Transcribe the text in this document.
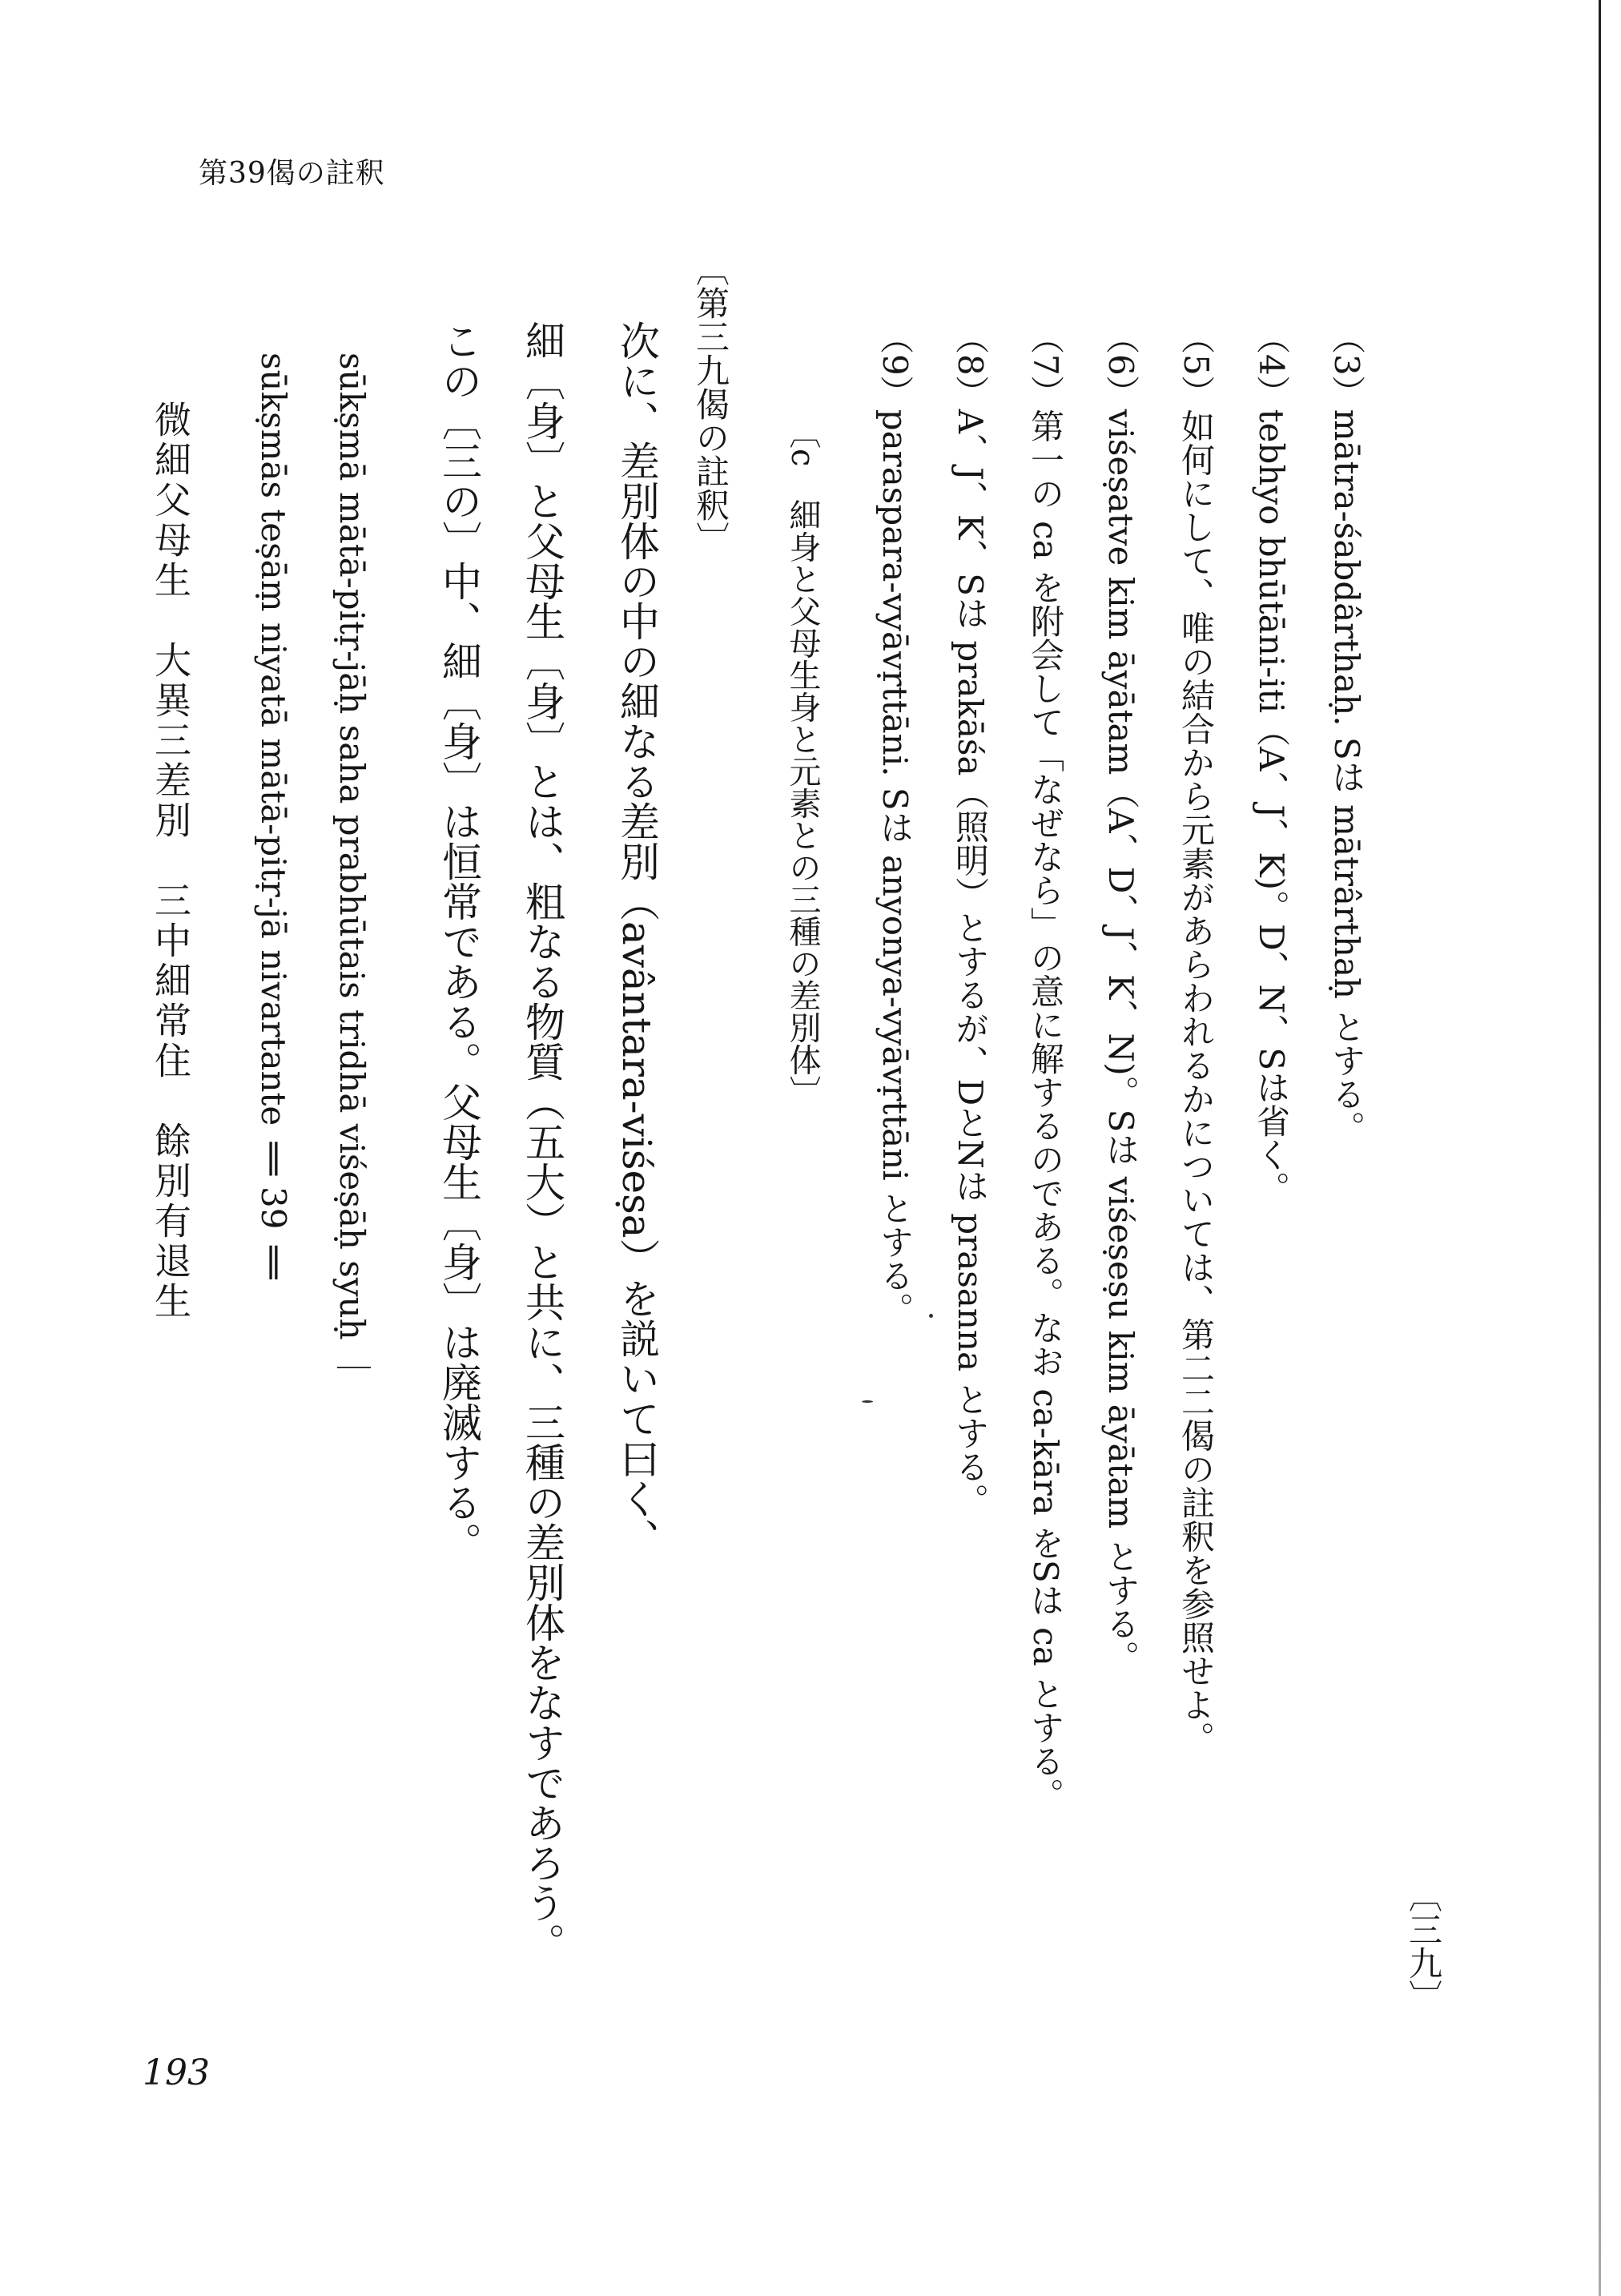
第39偈の註釈
（3）mātra-śabdârthaḥ. Sは mātrârthaḥ とする。
（4）tebhyo bhūtāni-iti（A、J、K)。D、N、Sは省く。
（5）如何にして、唯の結合から元素があらわれるかについては、第二二偈の註釈を参照せよ。
（6）viśeṣatve kim āyātam（A、D、J、K、N)。Sは viśeṣeṣu kim āyātam とする。
（7）第一の ca を附会して「なぜなら」の意に解するのである。なお ca-kāra をSは ca とする。
（8）A、J、K、Sは prakāśa（照明）とするが、DとNは prasanna とする。
（9）paraspara-vyāvṛttāni. Sは anyonya-vyāvṛttāni とする。
〔c　細身と父母生身と元素との三種の差別体〕
〔第三九偈の註釈〕
次に、差別体の中の細なる差別（avântara-viśeṣa）を説いて曰く、
細〔身〕と父母生〔身〕とは、粗なる物質（五大）と共に、三種の差別体をなすであろう。
この〔三の〕中、細〔身〕は恒常である。父母生〔身〕は廃滅する。
〔三九〕
sūkṣmā mātā-pitṛ-jāḥ saha prabhūtais tridhā viśeṣāḥ syuḥ ｜
sūkṣmās teṣāṃ niyatā mātā-pitṛ-jā nivartante ‖ 39 ‖
微細父母生　大異三差別　三中細常住　餘別有退生
193
